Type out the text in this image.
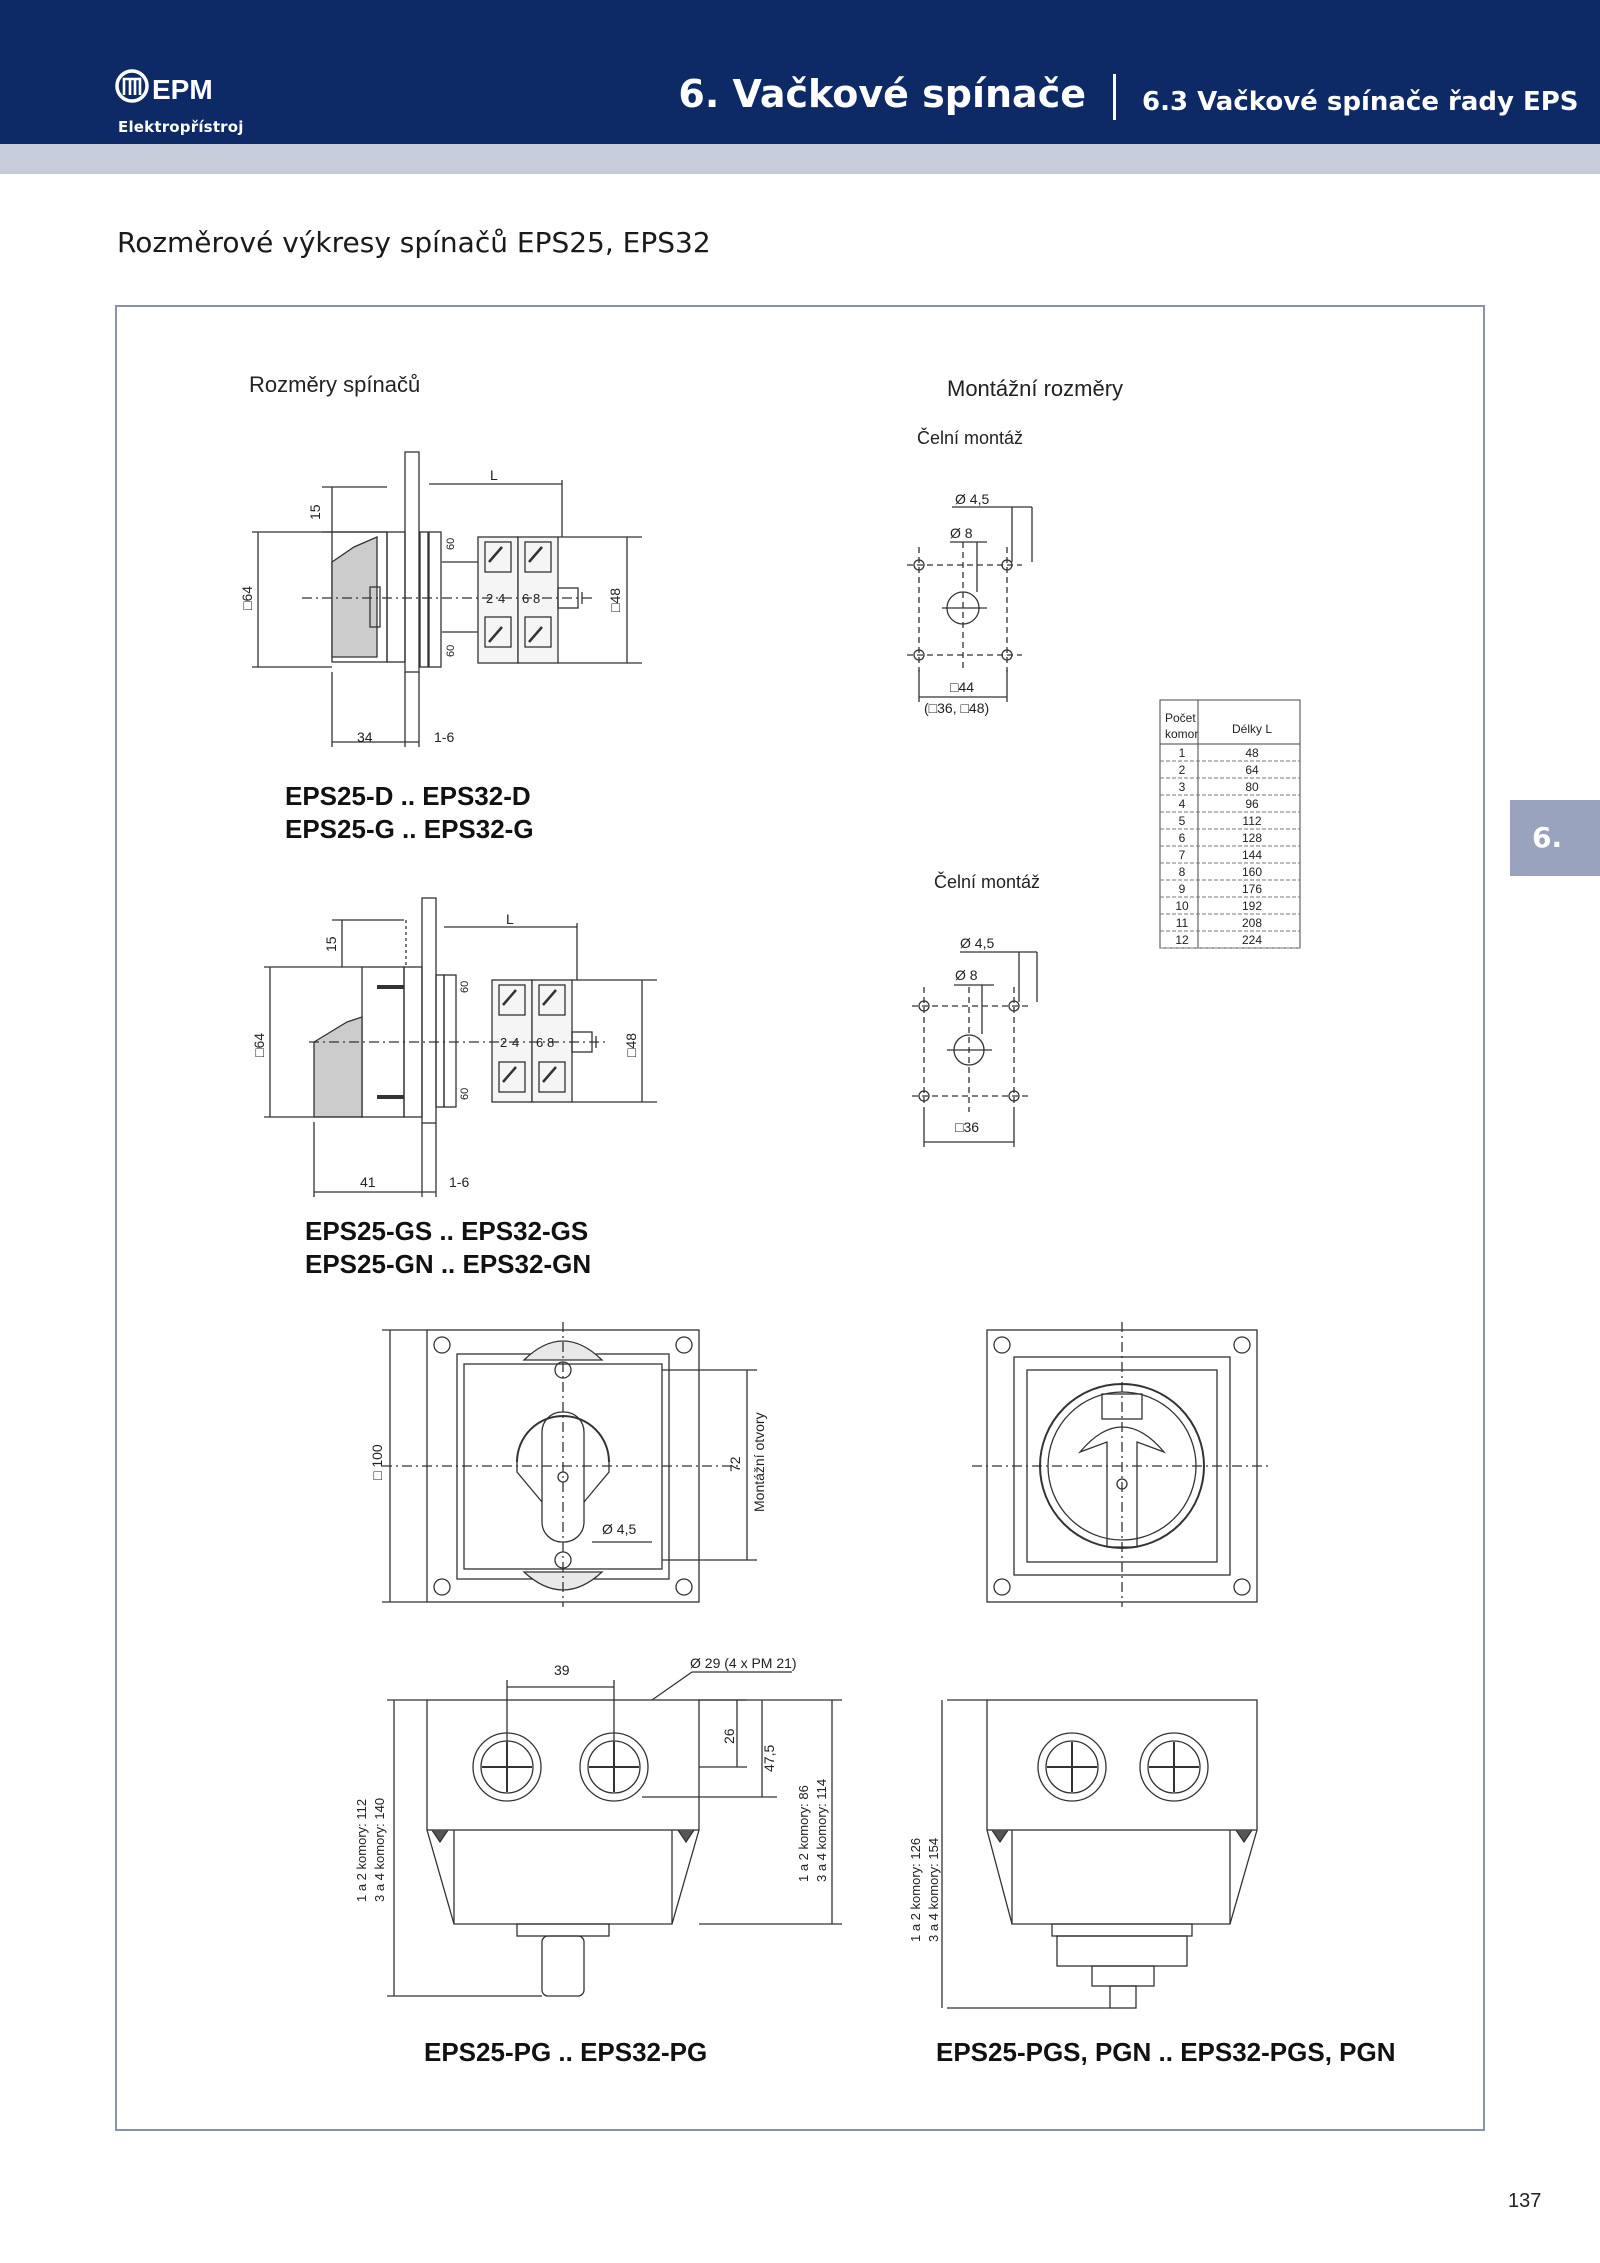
EPM
Elektropřístroj
6. Vačkové spínače 6.3 Vačkové spínače řady EPS
6.
Rozměrové výkresy spínačů EPS25, EPS32
L
15
□64	□48
34	1-6
2 4 6 8
60
60
L
15
□64	□48
41	1-6
2 4 6 8
60
60
Ø 4,5
Ø 8
□44
(□36, □48)
Ø 4,5
Ø 8
□36
□ 100	72 Montážní otvory
Ø 4,5
39	Ø 29 (4 x PM 21)
26
47,5
1 a 2 komory: 112 3 a 4 komory: 140	1 a 2 komory: 86 3 a 4 komory: 114
1 a 2 komory: 126 3 a 4 komory: 154
Počet
komor	Délky L
1	48
2	64
3	80
4	96
5	112
6	128
7	144
8	160
9	176
10	192
11	208
12	224
Rozměry spínačů	Montážní rozměry
Čelní montáž
Čelní montáž
EPS25-D .. EPS32-D
EPS25-G .. EPS32-G
EPS25-GS .. EPS32-GS
EPS25-GN .. EPS32-GN
EPS25-PG .. EPS32-PG	EPS25-PGS, PGN .. EPS32-PGS, PGN
137
